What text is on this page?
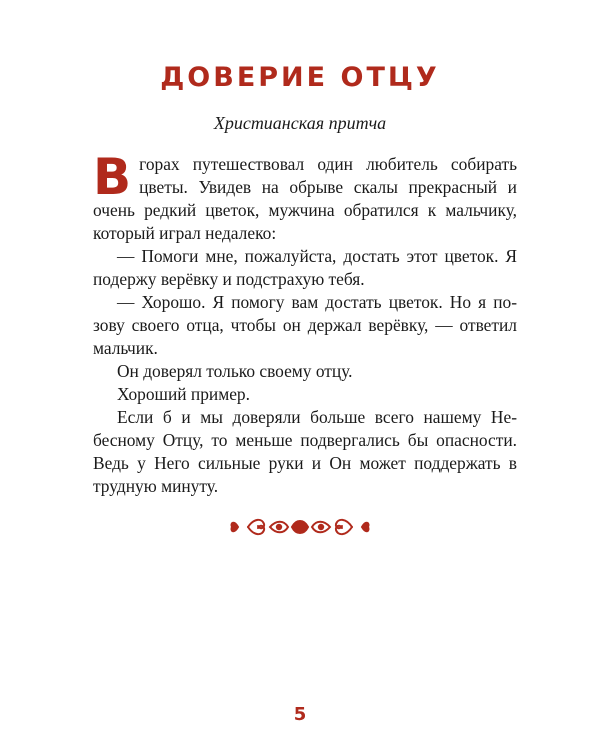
ДОВЕРИЕ ОТЦУ
Христианская притча

В горах путешествовал один любитель собирать цветы. Увидев на обрыве скалы прекрасный и очень редкий цветок, мужчина обратился к мальчику, который играл недалеко:

— Помоги мне, пожалуйста, достать этот цветок. Я подержу верёвку и подстрахую тебя.

— Хорошо. Я помогу вам достать цветок. Но я позову своего отца, чтобы он держал верёвку, — ответил мальчик.

Он доверял только своему отцу.

Хороший пример.

Если б и мы доверяли больше всего нашему Небесному Отцу, то меньше подвергались бы опасности. Ведь у Него сильные руки и Он может поддержать в трудную минуту.

5
